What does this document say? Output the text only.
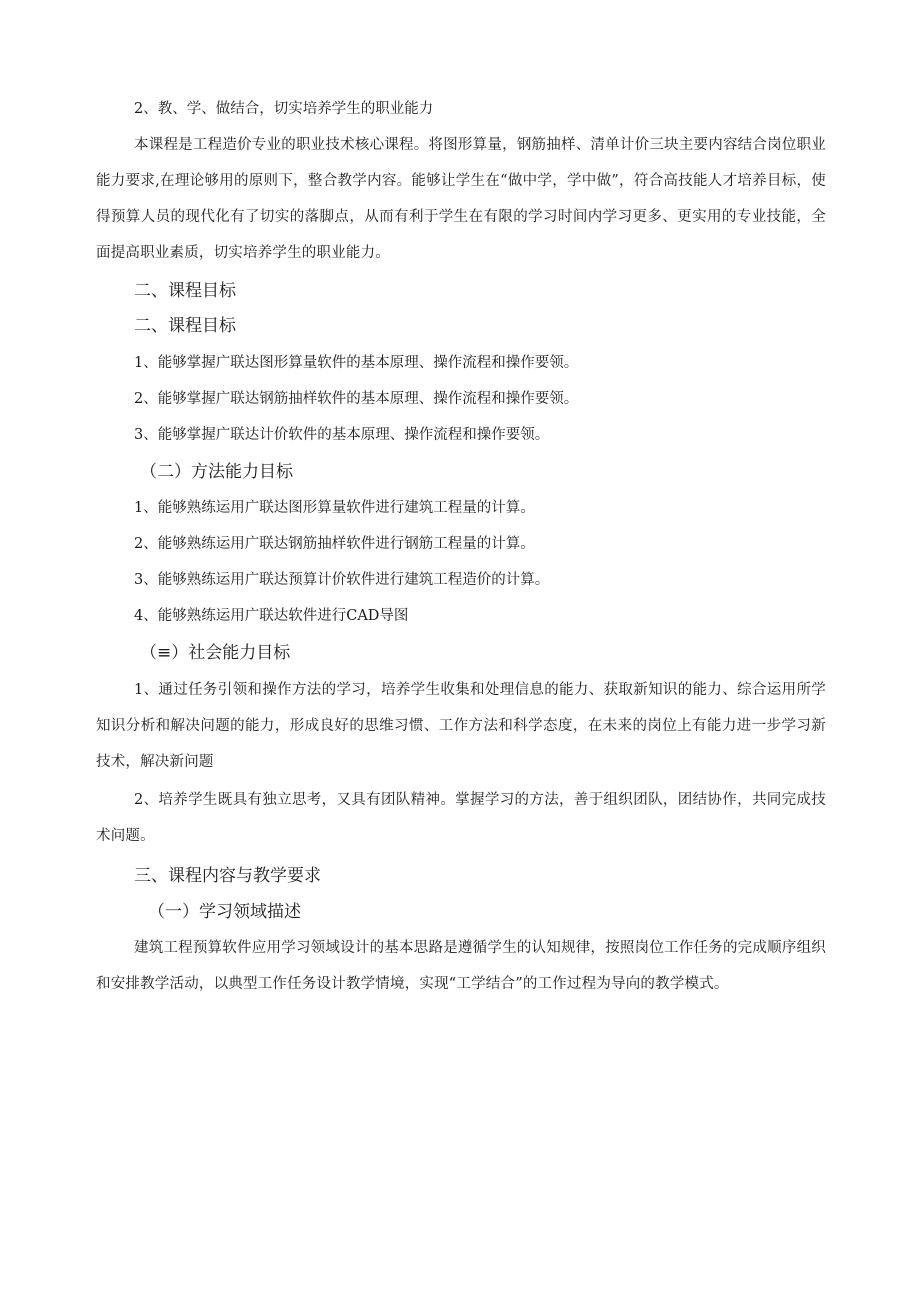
2、教、学、做结合，切实培养学生的职业能力

本课程是工程造价专业的职业技术核心课程。将图形算量，钢筋抽样、清单计价三块主要内容结合岗位职业能力要求,在理论够用的原则下，整合教学内容。能够让学生在“做中学，学中做”，符合高技能人才培养目标，使得预算人员的现代化有了切实的落脚点，从而有利于学生在有限的学习时间内学习更多、更实用的专业技能，全面提高职业素质，切实培养学生的职业能力。

二、课程目标

二、课程目标

1、能够掌握广联达图形算量软件的基本原理、操作流程和操作要领。

2、能够掌握广联达钢筋抽样软件的基本原理、操作流程和操作要领。

3、能够掌握广联达计价软件的基本原理、操作流程和操作要领。

（二）方法能力目标

1、能够熟练运用广联达图形算量软件进行建筑工程量的计算。

2、能够熟练运用广联达钢筋抽样软件进行钢筋工程量的计算。

3、能够熟练运用广联达预算计价软件进行建筑工程造价的计算。

4、能够熟练运用广联达软件进行CAD导图

（≡）社会能力目标

1、通过任务引领和操作方法的学习，培养学生收集和处理信息的能力、获取新知识的能力、综合运用所学知识分析和解决问题的能力，形成良好的思维习惯、工作方法和科学态度，在未来的岗位上有能力进一步学习新技术，解决新问题

2、培养学生既具有独立思考，又具有团队精神。掌握学习的方法，善于组织团队，团结协作，共同完成技术问题。

三、课程内容与教学要求

（一）学习领域描述

建筑工程预算软件应用学习领域设计的基本思路是遵循学生的认知规律，按照岗位工作任务的完成顺序组织和安排教学活动，以典型工作任务设计教学情境，实现“工学结合”的工作过程为导向的教学模式。
